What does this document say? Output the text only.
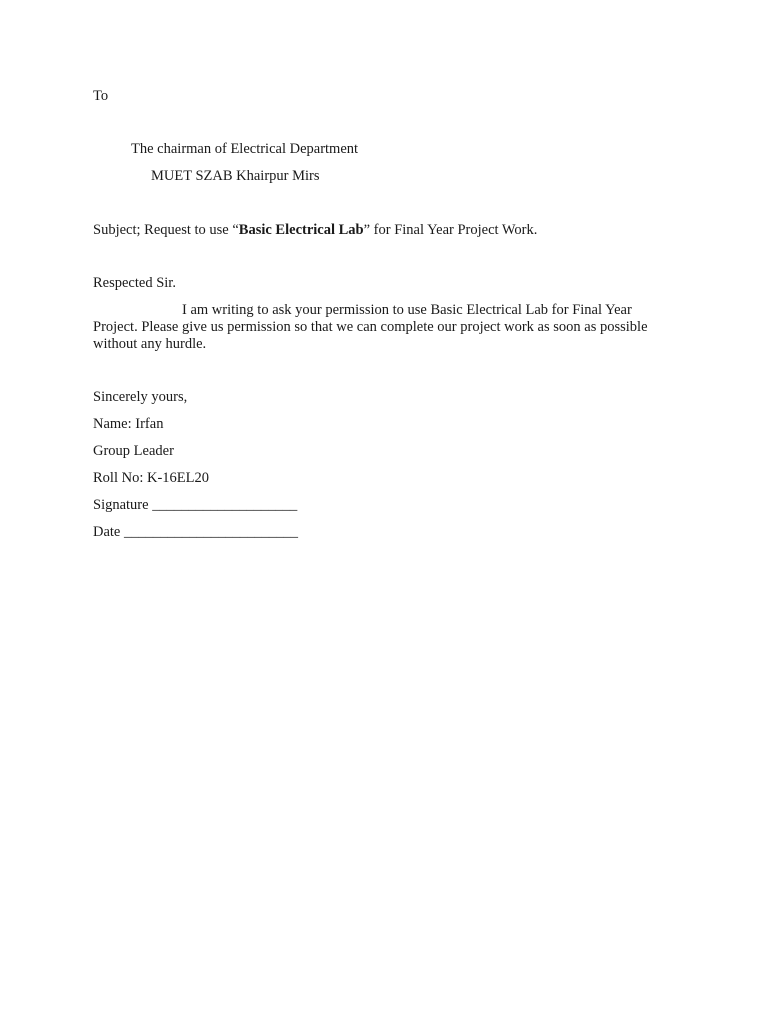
To
The chairman of Electrical Department
MUET SZAB Khairpur Mirs
Subject; Request to use “Basic Electrical Lab” for Final Year Project Work.
Respected Sir.
I am writing to ask your permission to use Basic Electrical Lab for Final Year Project. Please give us permission so that we can complete our project work as soon as possible without any hurdle.
Sincerely yours,
Name: Irfan
Group Leader
Roll No: K-16EL20
Signature ____________________
Date ________________________
